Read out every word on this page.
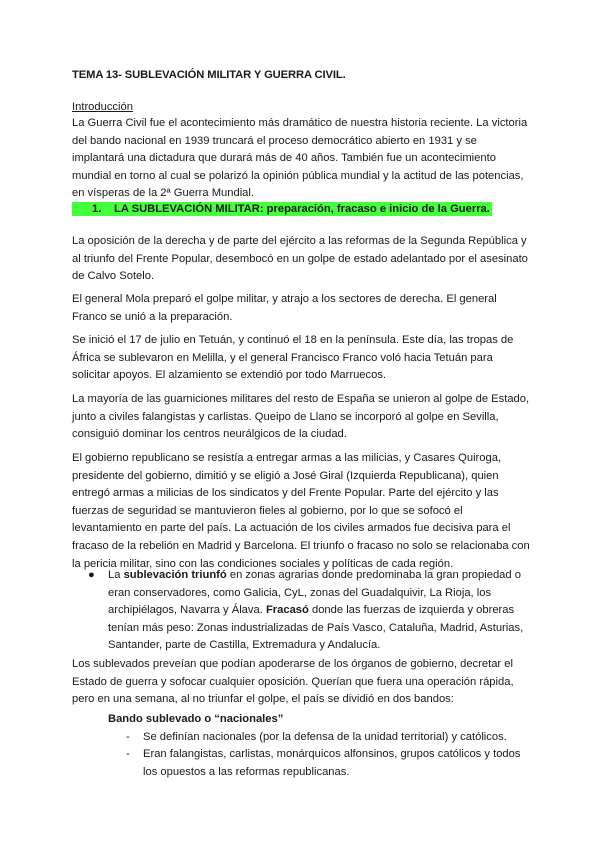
TEMA 13- SUBLEVACIÓN MILITAR Y GUERRA CIVIL.
Introducción

La Guerra Civil fue el acontecimiento más dramático de nuestra historia reciente. La victoria del bando nacional en 1939 truncará el proceso democrático abierto en 1931 y se implantará una dictadura que durará más de 40 años. También fue un acontecimiento mundial en torno al cual se polarizó la opinión pública mundial y la actitud de las potencias, en vísperas de la 2ª Guerra Mundial.

1. LA SUBLEVACIÓN MILITAR: preparación, fracaso e inicio de la Guerra.

La oposición de la derecha y de parte del ejército a las reformas de la Segunda República y al triunfo del Frente Popular, desembocó en un golpe de estado adelantado por el asesinato de Calvo Sotelo.

El general Mola preparó el golpe militar, y atrajo a los sectores de derecha. El general Franco se unió a la preparación.

Se inició el 17 de julio en Tetuán, y continuó el 18 en la península. Este día, las tropas de África se sublevaron en Melilla, y el general Francisco Franco voló hacia Tetuán para solicitar apoyos. El alzamiento se extendió por todo Marruecos.

La mayoría de las guarniciones militares del resto de España se unieron al golpe de Estado, junto a civiles falangistas y carlistas. Queipo de Llano se incorporó al golpe en Sevilla, consiguió dominar los centros neurálgicos de la ciudad.

El gobierno republicano se resistía a entregar armas a las milicias, y Casares Quiroga, presidente del gobierno, dimitió y se eligió a José Giral (Izquierda Republicana), quien entregó armas a milicias de los sindicatos y del Frente Popular. Parte del ejército y las fuerzas de seguridad se mantuvieron fieles al gobierno, por lo que se sofocó el levantamiento en parte del país. La actuación de los civiles armados fue decisiva para el fracaso de la rebelión en Madrid y Barcelona. El triunfo o fracaso no solo se relacionaba con la pericia militar, sino con las condiciones sociales y políticas de cada región.

● La sublevación triunfó en zonas agrarias donde predominaba la gran propiedad o eran conservadores, como Galicia, CyL, zonas del Guadalquivir, La Rioja, los archipiélagos, Navarra y Álava. Fracasó donde las fuerzas de izquierda y obreras tenían más peso: Zonas industrializadas de País Vasco, Cataluña, Madrid, Asturias, Santander, parte de Castilla, Extremadura y Andalucía.

Los sublevados preveían que podían apoderarse de los órganos de gobierno, decretar el Estado de guerra y sofocar cualquier oposición. Querían que fuera una operación rápida, pero en una semana, al no triunfar el golpe, el país se dividió en dos bandos:

Bando sublevado o “nacionales”
- Se definían nacionales (por la defensa de la unidad territorial) y católicos.
- Eran falangistas, carlistas, monárquicos alfonsinos, grupos católicos y todos los opuestos a las reformas republicanas.
